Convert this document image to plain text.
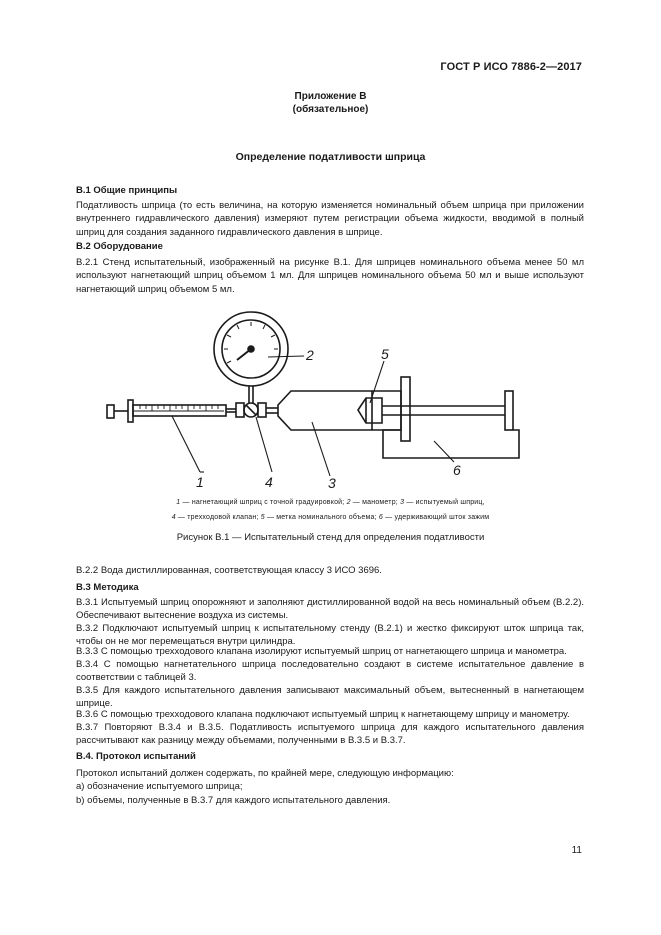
ГОСТ Р ИСО 7886-2—2017
Приложение В
(обязательное)
Определение податливости шприца
В.1 Общие принципы
Податливость шприца (то есть величина, на которую изменяется номинальный объем шприца при приложении внутреннего гидравлического давления) измеряют путем регистрации объема жидкости, вводимой в полный шприц для создания заданного гидравлического давления в шприце.
В.2 Оборудование
В.2.1 Стенд испытательный, изображенный на рисунке В.1. Для шприцев номинального объема менее 50 мл используют нагнетающий шприц объемом 1 мл. Для шприцев номинального объема 50 мл и выше используют нагнетающий шприц объемом 5 мл.
1
2
3
4
5
6
1 — нагнетающий шприц с точной градуировкой; 2 — манометр; 3 — испытуемый шприц,
4 — трехходовой клапан; 5 — метка номинального объема; 6 — удерживающий шток зажим
Рисунок В.1 — Испытательный стенд для определения податливости
В.2.2 Вода дистиллированная, соответствующая классу 3 ИСО 3696.
В.3 Методика
В.3.1 Испытуемый шприц опорожняют и заполняют дистиллированной водой на весь номинальный объем (В.2.2). Обеспечивают вытеснение воздуха из системы.
В.3.2 Подключают испытуемый шприц к испытательному стенду (В.2.1) и жестко фиксируют шток шприца так, чтобы он не мог перемещаться внутри цилиндра.
В.3.3 С помощью трехходового клапана изолируют испытуемый шприц от нагнетающего шприца и манометра.
В.3.4 С помощью нагнетательного шприца последовательно создают в системе испытательное давление в соответствии с таблицей 3.
В.3.5 Для каждого испытательного давления записывают максимальный объем, вытесненный в нагнетающем шприце.
В.3.6 С помощью трехходового клапана подключают испытуемый шприц к нагнетающему шприцу и манометру.
В.3.7 Повторяют В.3.4 и В.3.5. Податливость испытуемого шприца для каждого испытательного давления рассчитывают как разницу между объемами, полученными в В.3.5 и В.3.7.
В.4. Протокол испытаний
Протокол испытаний должен содержать, по крайней мере, следующую информацию:
а) обозначение испытуемого шприца;
b) объемы, полученные в В.3.7 для каждого испытательного давления.
11
